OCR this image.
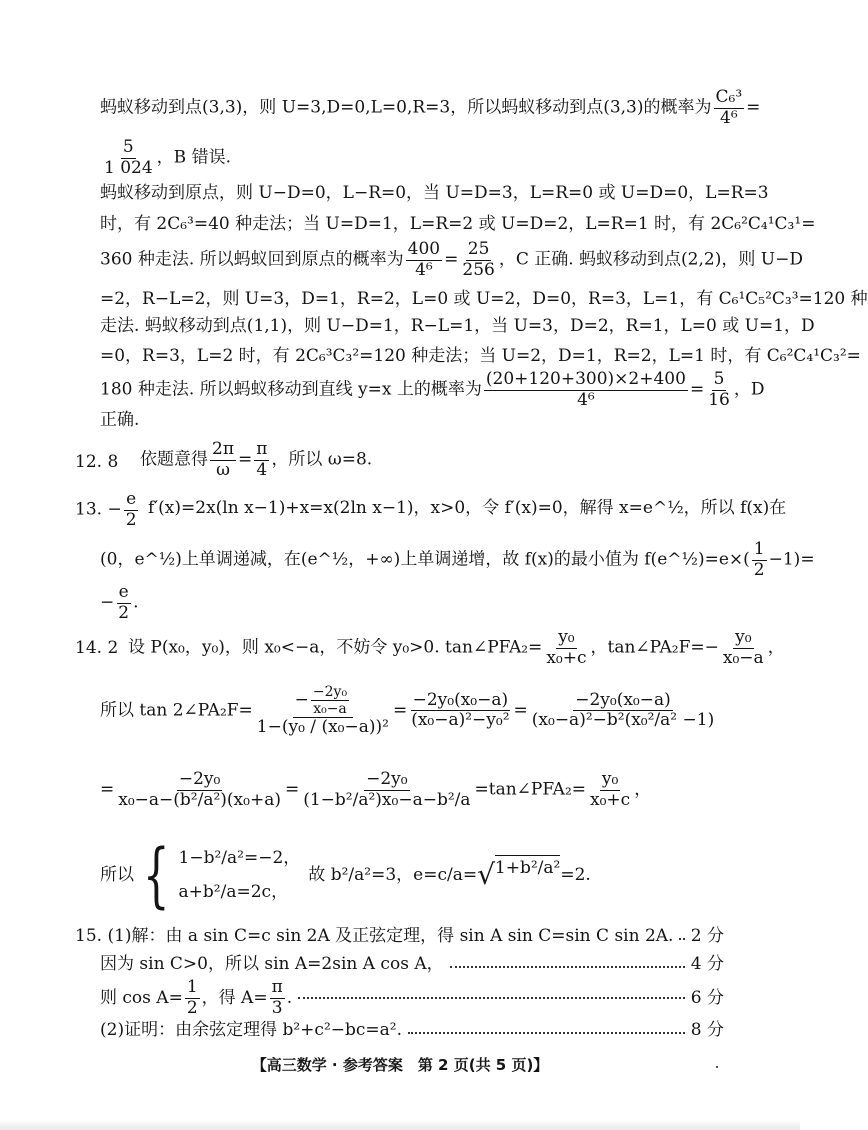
蚂蚁移动到点(3,3)，则 U=3,D=0,L=0,R=3，所以蚂蚁移动到点(3,3)的概率为 $\frac{\text{C₆³}}{\text{4⁶}}$ =
$\frac{5}{1 024}$ ，B 错误.
蚂蚁移动到原点，则 U−D=0，L−R=0，当 U=D=3，L=R=0 或 U=D=0，L=R=3
时，有 2C₆³=40 种走法；当 U=D=1，L=R=2 或 U=D=2，L=R=1 时，有 2C₆²C₄¹C₃¹=
360 种走法. 所以蚂蚁回到原点的概率为 $\frac{400}{\text{4⁶}} = \frac{25}{256}$ ，C 正确. 蚂蚁移动到点(2,2)，则 U−D
=2，R−L=2，则 U=3，D=1，R=2，L=0 或 U=2，D=0，R=3，L=1，有 C₆¹C₅²C₃³=120 种
走法. 蚂蚁移动到点(1,1)，则 U−D=1，R−L=1，当 U=3，D=2，R=1，L=0 或 U=1，D
=0，R=3，L=2 时，有 2C₆³C₃²=120 种走法；当 U=2，D=1，R=2，L=1 时，有 C₆²C₄¹C₃²=
180 种走法. 所以蚂蚁移动到直线 y=x 上的概率为 $\frac{(20+120+300)\times 2+400}{\text{4⁶}} = \frac{5}{16}$ ，D
正确.
12. 8 依题意得 $\frac{2\pi}{\omega} = \frac{\pi}{4}$ ，所以 ω=8.
13. − $\frac{e}{2} f'(x)=2x(\ln$ x−1)+x=x(2ln x−1)，x>0，令 f′(x)=0，解得 x=e^½，所以 f(x)在
(0，e^½)上单调递减，在(e^½，+∞)上单调递增，故 f(x)的最小值为 f(e^½)=e×( $\frac{1}{2} -1)=$
− $\frac{e}{2}$ .
14. 2 设 P(x₀，y₀)，则 x₀<−a，不妨令 y₀>0. tan∠PFA₂= $\frac{\text{y₀}}{\text{x₀+c}}$ ，tan∠PA₂F=− $\frac{\text{y₀}}{\text{x₀−a}}$ ，
所以 tan 2∠PA₂F= − −2y₀
x₀−a
$1-(y_0 / (x_0-a))^2 = \frac{\text{−2y₀(x₀−a)}}{\text{(x₀−a)²−y₀²}} = \frac{\text{−2y₀(x₀−a)}}{\text{(x₀−a)²−b²(x₀²/a² −1)}}$
= $\frac{\text{−2y₀}}{\text{x₀−a−(b²/a²)(x₀+a)}} = \frac{\text{−2y₀}}{\text{(1−b²/a²)x₀−a−b²/a}}$ =tan∠PFA₂= $\frac{\text{y₀}}{\text{x₀+c}}$ ，
所以 { 1−b²/a²=−2，
a+b²/a=2c，
故 b²/a²=3，e=c/a= √ 1+b²/a² =2.
15. (1)解：由 a sin C=c sin 2A 及正弦定理，得 sin A sin C=sin C sin 2A. 2 分
因为 sin C>0，所以 sin A=2sin A cos A，	4 分
则 $\cos A= \frac{1}{2}$ ，得 $A= \frac{\pi}{3}$ .	6 分
(2)证明：由余弦定理得 b²+c²−bc=a².	8 分
【高三数学 · 参考答案　第 2 页(共 5 页)】
